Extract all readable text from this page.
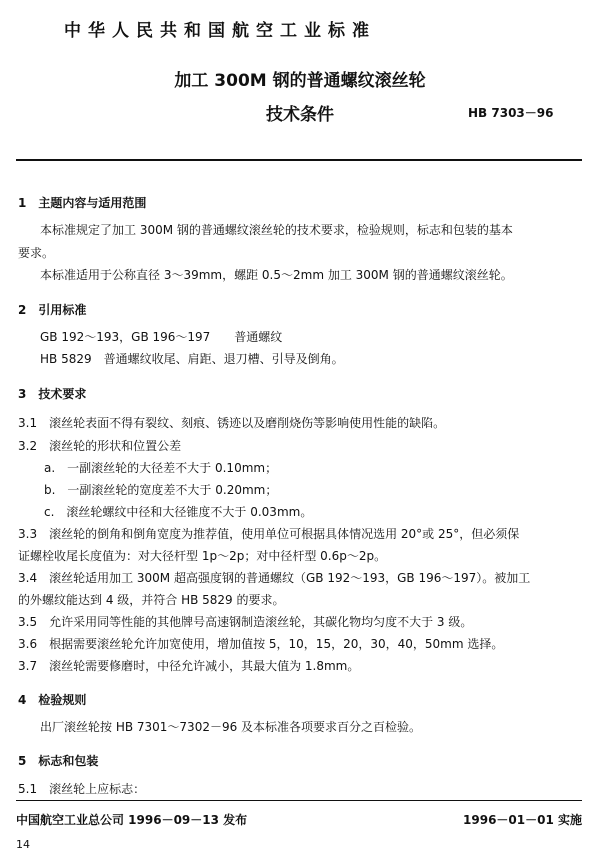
中华人民共和国航空工业标准
加工 300M 钢的普通螺纹滚丝轮
技术条件	HB 7303－96
1　主题内容与适用范围
本标准规定了加工 300M 钢的普通螺纹滚丝轮的技术要求，检验规则，标志和包装的基本
要求。
本标准适用于公称直径 3～39mm，螺距 0.5～2mm 加工 300M 钢的普通螺纹滚丝轮。
2　引用标准
GB 192～193，GB 196～197　　普通螺纹
HB 5829　普通螺纹收尾、肩距、退刀槽、引导及倒角。
3　技术要求
3.1　滚丝轮表面不得有裂纹、刻痕、锈迹以及磨削烧伤等影响使用性能的缺陷。
3.2　滚丝轮的形状和位置公差
a.　一副滚丝轮的大径差不大于 0.10mm；
b.　一副滚丝轮的宽度差不大于 0.20mm；
c.　滚丝轮螺纹中径和大径锥度不大于 0.03mm。
3.3　滚丝轮的倒角和倒角宽度为推荐值，使用单位可根据具体情况选用 20°或 25°，但必须保
证螺栓收尾长度值为：对大径杆型 1p～2p；对中径杆型 0.6p～2p。
3.4　滚丝轮适用加工 300M 超高强度钢的普通螺纹（GB 192～193，GB 196～197）。被加工
的外螺纹能达到 4 级，并符合 HB 5829 的要求。
3.5　允许采用同等性能的其他牌号高速钢制造滚丝轮，其碳化物均匀度不大于 3 级。
3.6　根据需要滚丝轮允许加宽使用，增加值按 5，10，15，20，30，40，50mm 选择。
3.7　滚丝轮需要修磨时，中径允许减小，其最大值为 1.8mm。
4　检验规则
出厂滚丝轮按 HB 7301～7302－96 及本标准各项要求百分之百检验。
5　标志和包装
5.1　滚丝轮上应标志：
中国航空工业总公司 1996－09－13 发布	1996－01－01 实施
14
